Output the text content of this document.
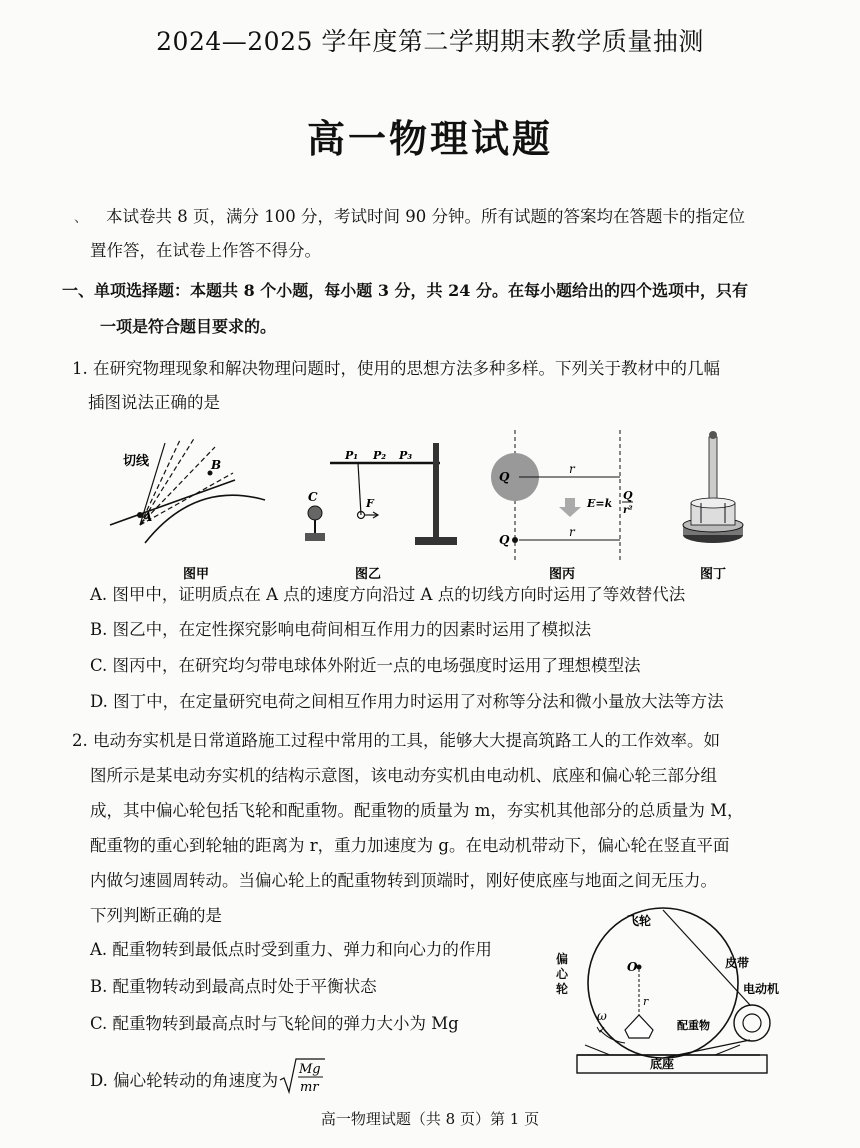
2024—2025 学年度第二学期期末教学质量抽测
高一物理试题
、 本试卷共 8 页，满分 100 分，考试时间 90 分钟。所有试题的答案均在答题卡的指定位
置作答，在试卷上作答不得分。
一、单项选择题：本题共 8 个小题，每小题 3 分，共 24 分。在每小题给出的四个选项中，只有
一项是符合题目要求的。
1. 在研究物理现象和解决物理问题时，使用的思想方法多种多样。下列关于教材中的几幅
插图说法正确的是
切线
A
B
图甲
P₁ P₂ P₃
C	F
图乙
Q
Q
r
r
E=k
Q
r²
图丙	图丁
A. 图甲中，证明质点在 A 点的速度方向沿过 A 点的切线方向时运用了等效替代法
B. 图乙中，在定性探究影响电荷间相互作用力的因素时运用了模拟法
C. 图丙中，在研究均匀带电球体外附近一点的电场强度时运用了理想模型法
D. 图丁中，在定量研究电荷之间相互作用力时运用了对称等分法和微小量放大法等方法
2. 电动夯实机是日常道路施工过程中常用的工具，能够大大提高筑路工人的工作效率。如
图所示是某电动夯实机的结构示意图，该电动夯实机由电动机、底座和偏心轮三部分组
成，其中偏心轮包括飞轮和配重物。配重物的质量为 m，夯实机其他部分的总质量为 M，
配重物的重心到轮轴的距离为 r，重力加速度为 g。在电动机带动下，偏心轮在竖直平面
内做匀速圆周转动。当偏心轮上的配重物转到顶端时，刚好使底座与地面之间无压力。
下列判断正确的是
A. 配重物转到最低点时受到重力、弹力和向心力的作用
B. 配重物转动到最高点时处于平衡状态
C. 配重物转到最高点时与飞轮间的弹力大小为 Mg
D. 偏心轮转动的角速度为
Mg
mr
飞轮
皮带
电动机
配重物
底座
O
r
ω
偏心轮
高一物理试题（共 8 页）第 1 页
